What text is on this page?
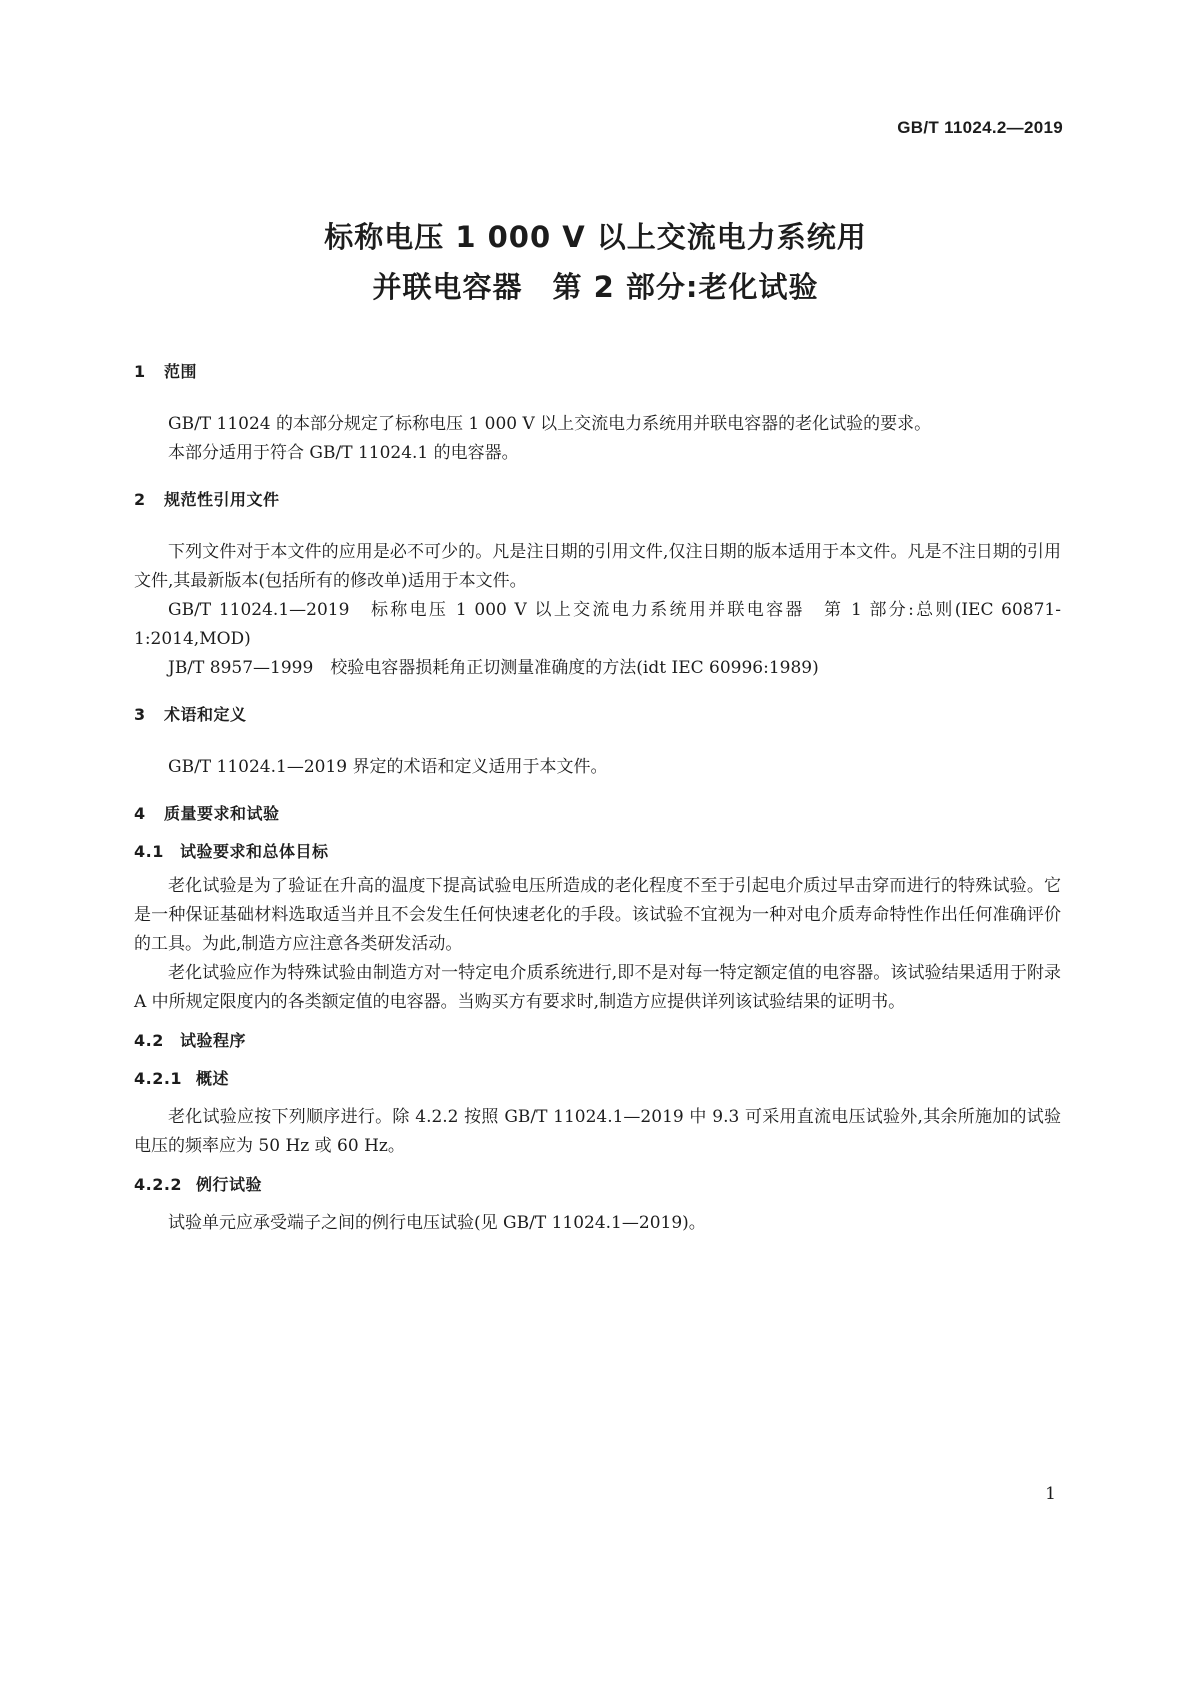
GB/T 11024.2—2019
标称电压 1 000 V 以上交流电力系统用
并联电容器　第 2 部分:老化试验
1 范围

GB/T 11024 的本部分规定了标称电压 1 000 V 以上交流电力系统用并联电容器的老化试验的要求。

本部分适用于符合 GB/T 11024.1 的电容器。

2 规范性引用文件

下列文件对于本文件的应用是必不可少的。凡是注日期的引用文件,仅注日期的版本适用于本文件。凡是不注日期的引用文件,其最新版本(包括所有的修改单)适用于本文件。

GB/T 11024.1—2019　标称电压 1 000 V 以上交流电力系统用并联电容器　第 1 部分:总则(IEC 60871-1:2014,MOD)

JB/T 8957—1999　校验电容器损耗角正切测量准确度的方法(idt IEC 60996:1989)

3 术语和定义

GB/T 11024.1—2019 界定的术语和定义适用于本文件。

4 质量要求和试验
4.1 试验要求和总体目标

老化试验是为了验证在升高的温度下提高试验电压所造成的老化程度不至于引起电介质过早击穿而进行的特殊试验。它是一种保证基础材料选取适当并且不会发生任何快速老化的手段。该试验不宜视为一种对电介质寿命特性作出任何准确评价的工具。为此,制造方应注意各类研发活动。

老化试验应作为特殊试验由制造方对一特定电介质系统进行,即不是对每一特定额定值的电容器。该试验结果适用于附录 A 中所规定限度内的各类额定值的电容器。当购买方有要求时,制造方应提供详列该试验结果的证明书。

4.2 试验程序
4.2.1 概述

老化试验应按下列顺序进行。除 4.2.2 按照 GB/T 11024.1—2019 中 9.3 可采用直流电压试验外,其余所施加的试验电压的频率应为 50 Hz 或 60 Hz。

4.2.2 例行试验

试验单元应承受端子之间的例行电压试验(见 GB/T 11024.1—2019)。

1
